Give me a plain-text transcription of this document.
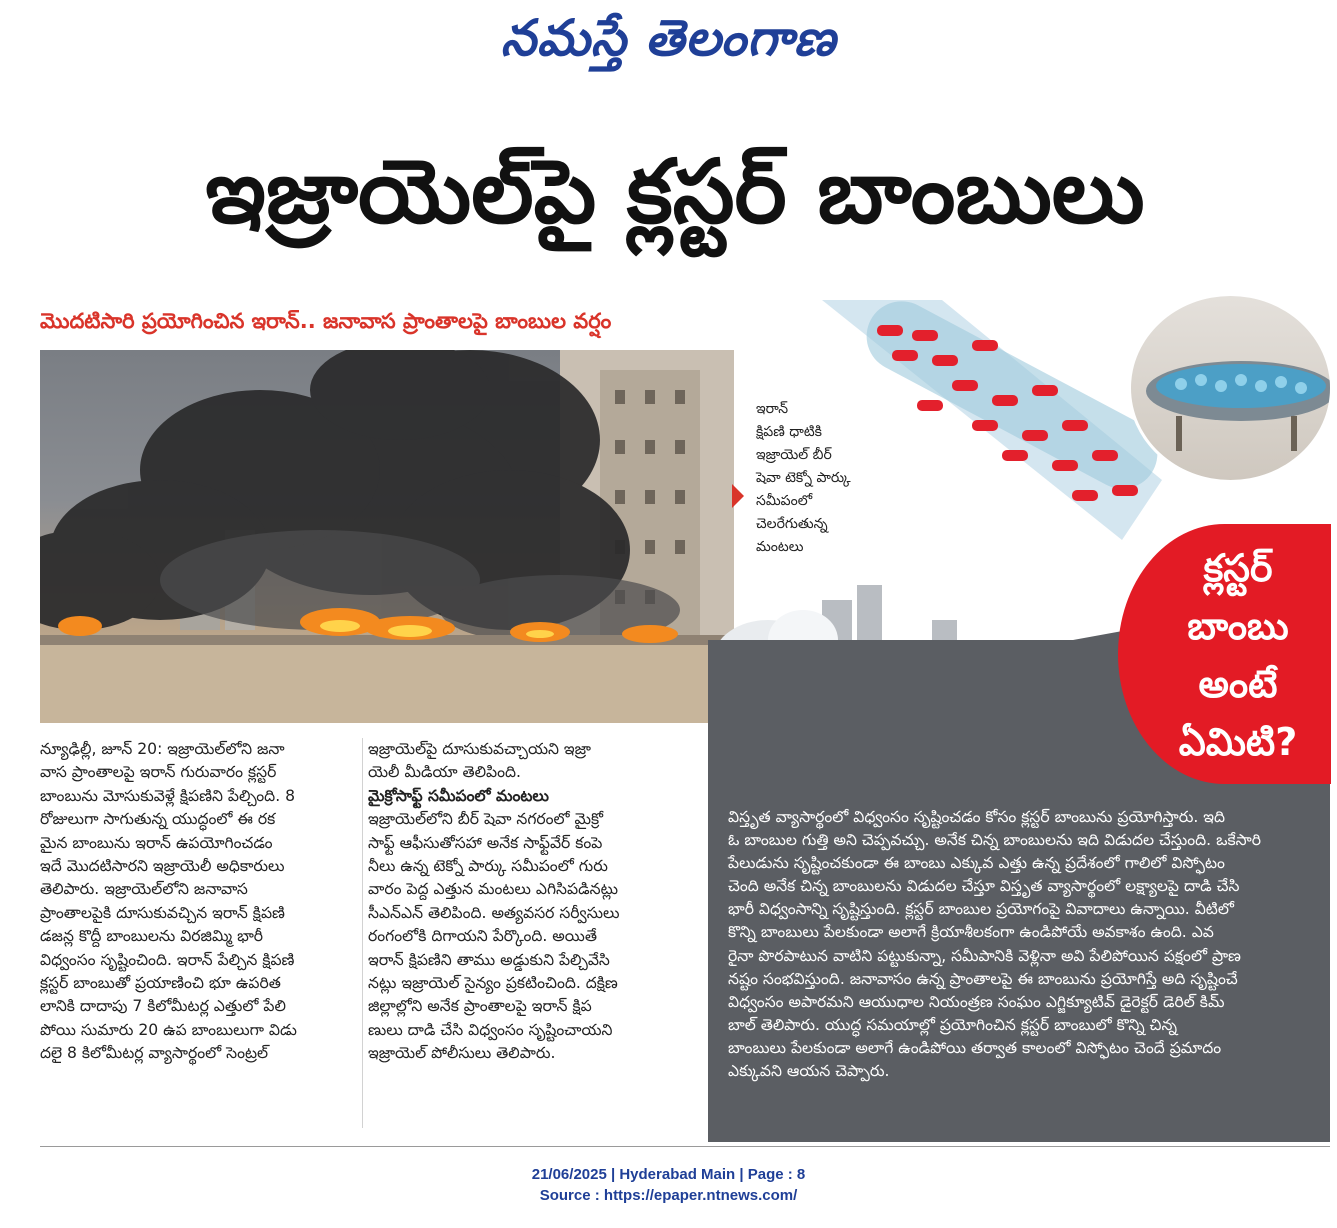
నమస్తే తెలంగాణ
ఇజ్రాయెల్‌పై క్లస్టర్ బాంబులు
మొదటిసారి ప్రయోగించిన ఇరాన్.. జనావాస ప్రాంతాలపై బాంబుల వర్షం

ఇరాన్

క్షిపణి ధాటికి

ఇజ్రాయెల్ బీర్

షెవా టెక్నో పార్కు

సమీపంలో

చెలరేగుతున్న

మంటలు	క్లస్టర్
బాంబు
అంటే
ఏమిటి?

విస్తృత వ్యాసార్థంలో విధ్వంసం సృష్టించడం కోసం క్లస్టర్ బాంబును ప్రయోగిస్తారు. ఇది

ఓ బాంబుల గుత్తి అని చెప్పవచ్చు. అనేక చిన్న బాంబులను ఇది విడుదల చేస్తుంది. ఒకేసారి

పేలుడును సృష్టించకుండా ఈ బాంబు ఎక్కువ ఎత్తు ఉన్న ప్రదేశంలో గాలిలో విస్ఫోటం

చెంది అనేక చిన్న బాంబులను విడుదల చేస్తూ విస్తృత వ్యాసార్థంలో లక్ష్యాలపై దాడి చేసి

భారీ విధ్వంసాన్ని సృష్టిస్తుంది. క్లస్టర్ బాంబుల ప్రయోగంపై వివాదాలు ఉన్నాయి. వీటిలో

కొన్ని బాంబులు పేలకుండా అలాగే క్రియాశీలకంగా ఉండిపోయే అవకాశం ఉంది. ఎవ

రైనా పొరపాటున వాటిని పట్టుకున్నా, సమీపానికి వెళ్లినా అవి పేలిపోయిన పక్షంలో ప్రాణ

నష్టం సంభవిస్తుంది. జనావాసం ఉన్న ప్రాంతాలపై ఈ బాంబును ప్రయోగిస్తే అది సృష్టించే

విధ్వంసం అపారమని ఆయుధాల నియంత్రణ సంఘం ఎగ్జిక్యూటివ్ డైరెక్టర్ డెరిల్ కిమ్

బాల్ తెలిపారు. యుద్ధ సమయాల్లో ప్రయోగించిన క్లస్టర్ బాంబులో కొన్ని చిన్న

బాంబులు పేలకుండా అలాగే ఉండిపోయి తర్వాత కాలంలో విస్ఫోటం చెందే ప్రమాదం

ఎక్కువని ఆయన చెప్పారు.

న్యూఢిల్లీ, జూన్ 20: ఇజ్రాయెల్‌లోని జనా

వాస ప్రాంతాలపై ఇరాన్ గురువారం క్లస్టర్

బాంబును మోసుకువెళ్లే క్షిపణిని పేల్చింది. 8

రోజులుగా సాగుతున్న యుద్ధంలో ఈ రక

మైన బాంబును ఇరాన్ ఉపయోగించడం

ఇదే మొదటిసారని ఇజ్రాయెలీ అధికారులు

తెలిపారు. ఇజ్రాయెల్‌లోని జనావాస

ప్రాంతాలపైకి దూసుకువచ్చిన ఇరాన్ క్షిపణి

డజన్ల కొద్దీ బాంబులను విరజిమ్మి భారీ

విధ్వంసం సృష్టించింది. ఇరాన్ పేల్చిన క్షిపణి

క్లస్టర్ బాంబుతో ప్రయాణించి భూ ఉపరిత

లానికి దాదాపు 7 కిలోమీటర్ల ఎత్తులో పేలి

పోయి సుమారు 20 ఉప బాంబులుగా విడు

దలై 8 కిలోమీటర్ల వ్యాసార్థంలో సెంట్రల్

ఇజ్రాయెల్‌పై దూసుకువచ్చాయని ఇజ్రా

యెలీ మీడియా తెలిపింది.

మైక్రోసాఫ్ట్ సమీపంలో మంటలు

ఇజ్రాయెల్‌లోని బీర్ షెవా నగరంలో మైక్రో

సాఫ్ట్ ఆఫీసుతోసహా అనేక సాఫ్ట్‌వేర్ కంపె

నీలు ఉన్న టెక్నో పార్కు సమీపంలో గురు

వారం పెద్ద ఎత్తున మంటలు ఎగిసిపడినట్లు

సీఎన్ఎన్ తెలిపింది. అత్యవసర సర్వీసులు

రంగంలోకి దిగాయని పేర్కొంది. అయితే

ఇరాన్ క్షిపణిని తాము అడ్డుకుని పేల్చివేసి

నట్లు ఇజ్రాయెల్ సైన్యం ప్రకటించింది. దక్షిణ

జిల్లాల్లోని అనేక ప్రాంతాలపై ఇరాన్ క్షిప

ణులు దాడి చేసి విధ్వంసం సృష్టించాయని

ఇజ్రాయెల్ పోలీసులు తెలిపారు.

21/06/2025 | Hyderabad Main | Page : 8

Source : https://epaper.ntnews.com/
